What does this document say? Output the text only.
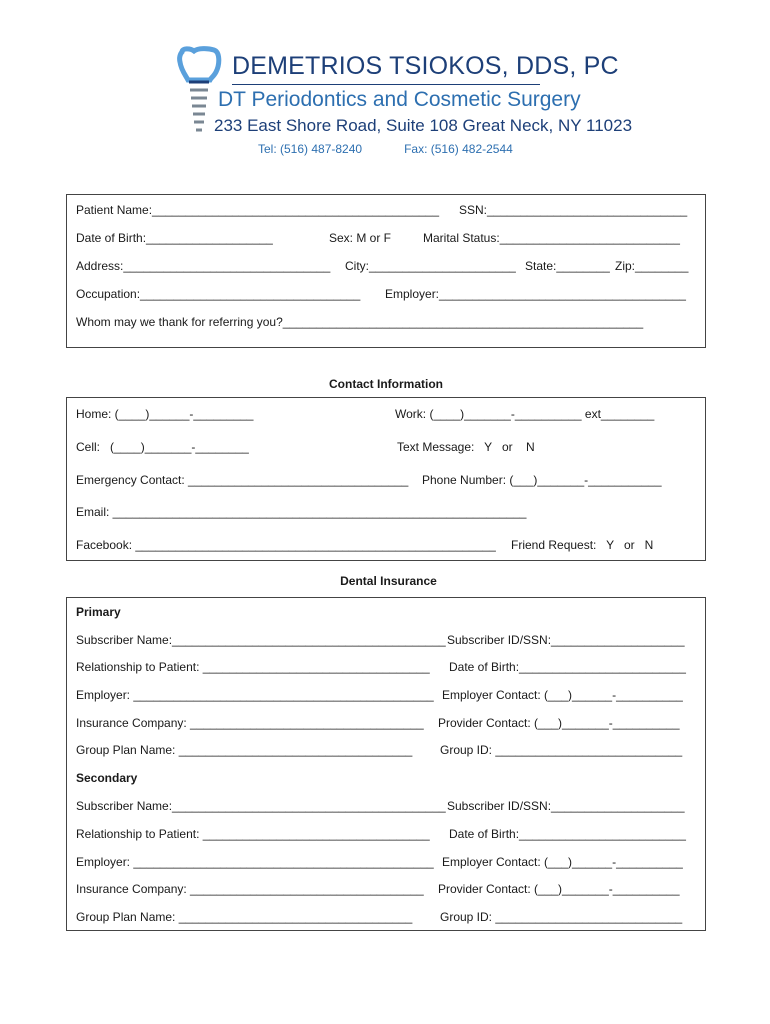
DEMETRIOS TSIOKOS, DDS, PC
DT Periodontics and Cosmetic Surgery
233 East Shore Road, Suite 108 Great Neck, NY 11023
Tel: (516) 487-8240	Fax: (516) 482-2544
Patient Name:___________________________________________ SSN:______________________________
Date of Birth:___________________	Sex: M or F	Marital Status:___________________________
Address:_______________________________ City:______________________ State:________ Zip:________
Occupation:_________________________________ Employer:_____________________________________
Whom may we thank for referring you?______________________________________________________
Contact Information
Home: (____)______-_________	Work: (____)_______-__________ ext________
Cell:   (____)_______-________	Text Message:   Y   or    N
Emergency Contact: _________________________________ Phone Number: (___)_______-___________
Email: ______________________________________________________________
Facebook: ______________________________________________________ Friend Request:   Y   or   N
Dental Insurance
Primary
Subscriber Name:_________________________________________ Subscriber ID/SSN:____________________
Relationship to Patient: __________________________________ Date of Birth:_________________________
Employer: _____________________________________________ Employer Contact: (___)______-__________
Insurance Company: ___________________________________ Provider Contact: (___)_______-__________
Group Plan Name: ___________________________________ Group ID: ____________________________
Secondary
Subscriber Name:_________________________________________ Subscriber ID/SSN:____________________
Relationship to Patient: __________________________________ Date of Birth:_________________________
Employer: _____________________________________________ Employer Contact: (___)______-__________
Insurance Company: ___________________________________ Provider Contact: (___)_______-__________
Group Plan Name: ___________________________________ Group ID: ____________________________
